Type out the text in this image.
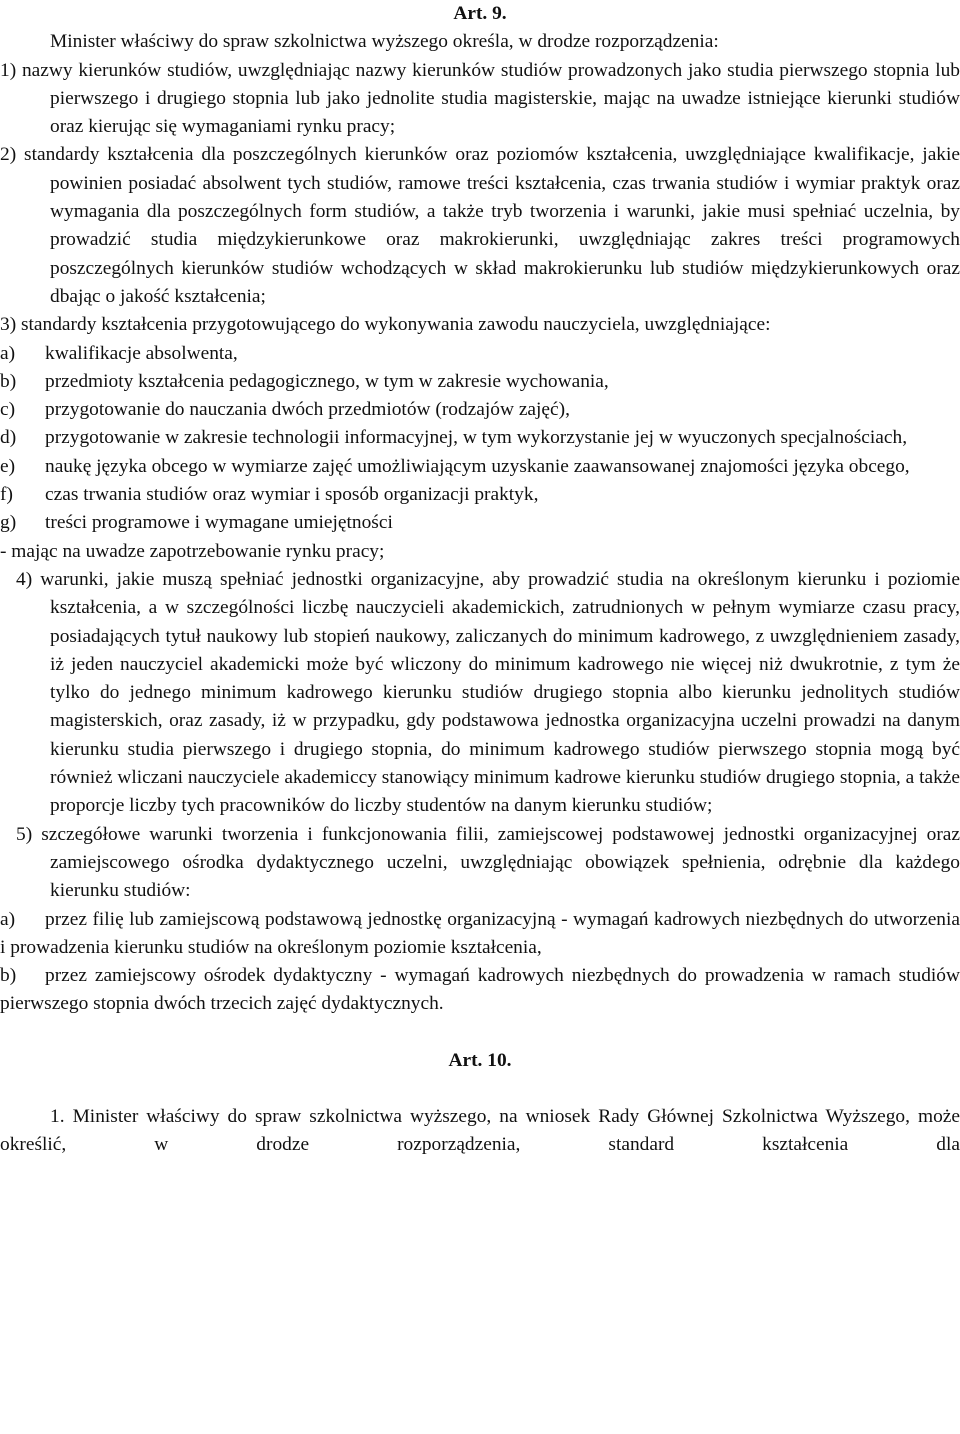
Art. 9.

Minister właściwy do spraw szkolnictwa wyższego określa, w drodze rozporządzenia:

1) nazwy kierunków studiów, uwzględniając nazwy kierunków studiów prowadzonych jako studia pierwszego stopnia lub pierwszego i drugiego stopnia lub jako jednolite studia magisterskie, mając na uwadze istniejące kierunki studiów oraz kierując się wymaganiami rynku pracy;

2) standardy kształcenia dla poszczególnych kierunków oraz poziomów kształcenia, uwzględniające kwalifikacje, jakie powinien posiadać absolwent tych studiów, ramowe treści kształcenia, czas trwania studiów i wymiar praktyk oraz wymagania dla poszczególnych form studiów, a także tryb tworzenia i warunki, jakie musi spełniać uczelnia, by prowadzić studia międzykierunkowe oraz makrokierunki, uwzględniając zakres treści programowych poszczególnych kierunków studiów wchodzących w skład makrokierunku lub studiów międzykierunkowych oraz dbając o jakość kształcenia;

3) standardy kształcenia przygotowującego do wykonywania zawodu nauczyciela, uwzględniające:

a) kwalifikacje absolwenta,

b) przedmioty kształcenia pedagogicznego, w tym w zakresie wychowania,

c) przygotowanie do nauczania dwóch przedmiotów (rodzajów zajęć),

d) przygotowanie w zakresie technologii informacyjnej, w tym wykorzystanie jej w wyuczonych specjalnościach,

e) naukę języka obcego w wymiarze zajęć umożliwiającym uzyskanie zaawansowanej znajomości języka obcego,

f) czas trwania studiów oraz wymiar i sposób organizacji praktyk,

g) treści programowe i wymagane umiejętności

- mając na uwadze zapotrzebowanie rynku pracy;

4) warunki, jakie muszą spełniać jednostki organizacyjne, aby prowadzić studia na określonym kierunku i poziomie kształcenia, a w szczególności liczbę nauczycieli akademickich, zatrudnionych w pełnym wymiarze czasu pracy, posiadających tytuł naukowy lub stopień naukowy, zaliczanych do minimum kadrowego, z uwzględnieniem zasady, iż jeden nauczyciel akademicki może być wliczony do minimum kadrowego nie więcej niż dwukrotnie, z tym że tylko do jednego minimum kadrowego kierunku studiów drugiego stopnia albo kierunku jednolitych studiów magisterskich, oraz zasady, iż w przypadku, gdy podstawowa jednostka organizacyjna uczelni prowadzi na danym kierunku studia pierwszego i drugiego stopnia, do minimum kadrowego studiów pierwszego stopnia mogą być również wliczani nauczyciele akademiccy stanowiący minimum kadrowe kierunku studiów drugiego stopnia, a także proporcje liczby tych pracowników do liczby studentów na danym kierunku studiów;

5) szczegółowe warunki tworzenia i funkcjonowania filii, zamiejscowej podstawowej jednostki organizacyjnej oraz zamiejscowego ośrodka dydaktycznego uczelni, uwzględniając obowiązek spełnienia, odrębnie dla każdego kierunku studiów:

a) przez filię lub zamiejscową podstawową jednostkę organizacyjną - wymagań kadrowych niezbędnych do utworzenia i prowadzenia kierunku studiów na określonym poziomie kształcenia,

b) przez zamiejscowy ośrodek dydaktyczny - wymagań kadrowych niezbędnych do prowadzenia w ramach studiów pierwszego stopnia dwóch trzecich zajęć dydaktycznych.

Art. 10.

1. Minister właściwy do spraw szkolnictwa wyższego, na wniosek Rady Głównej Szkolnictwa Wyższego, może określić, w drodze rozporządzenia, standard kształcenia dla
